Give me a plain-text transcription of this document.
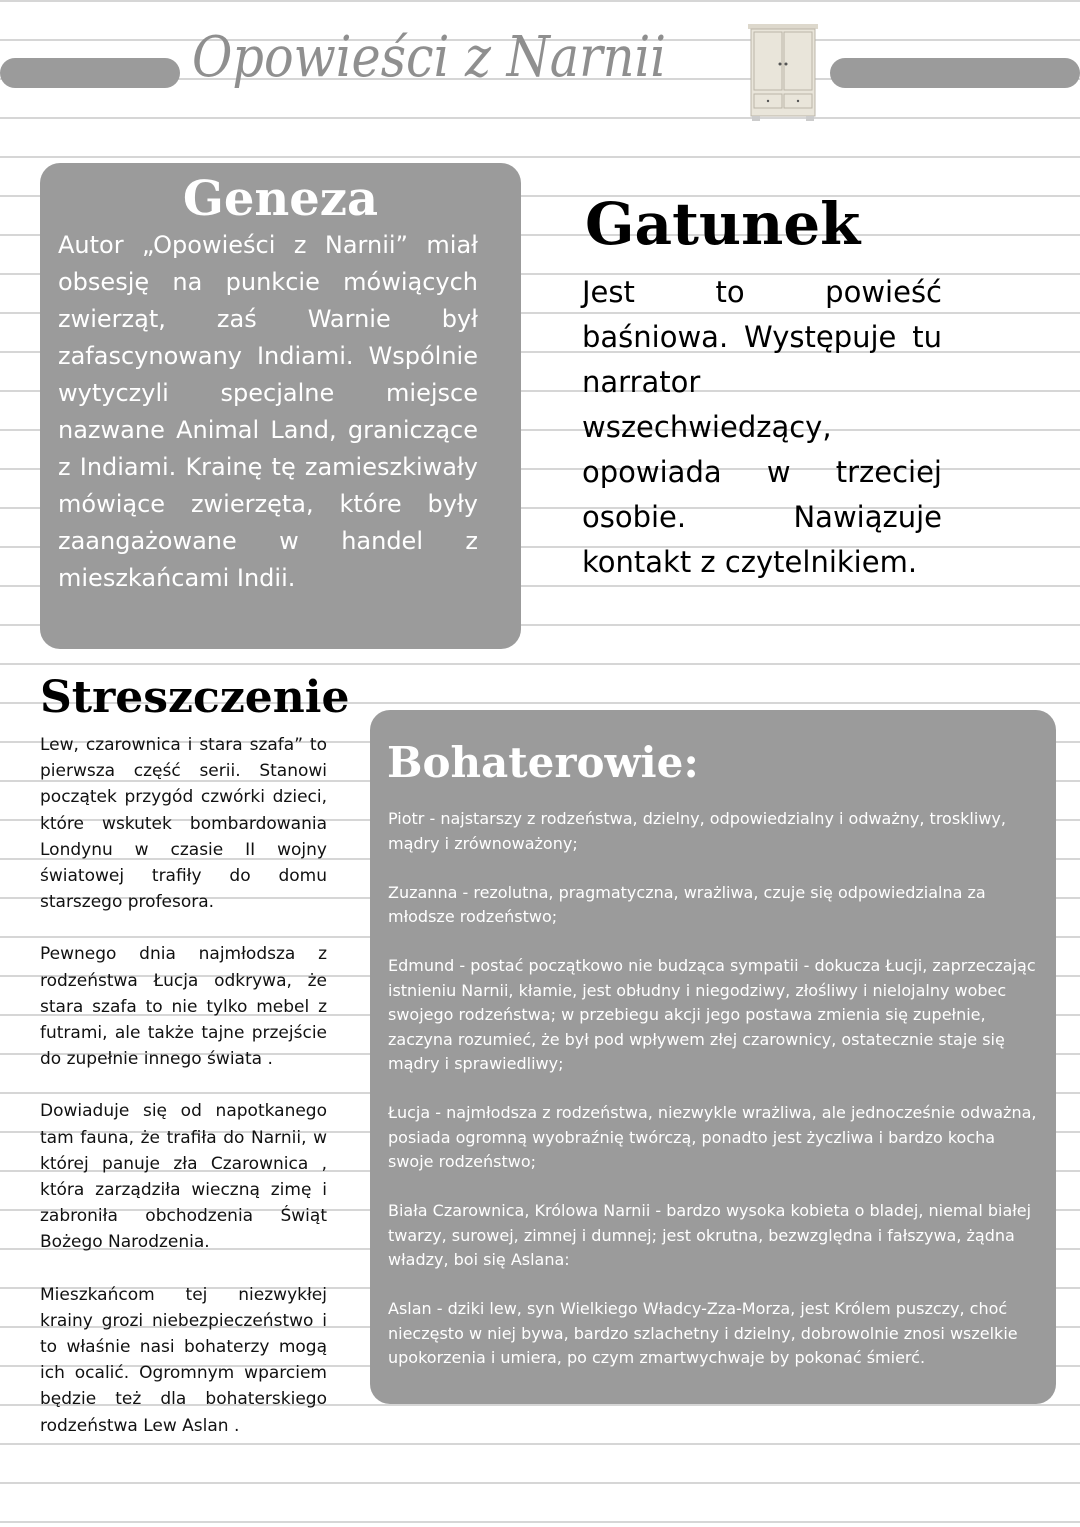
Opowieści z Narnii
Geneza

Autor „Opowieści z Narnii” miał obsesję na punkcie mówiących zwierząt, zaś Warnie był zafascynowany Indiami. Wspólnie wytyczyli specjalne miejsce nazwane Animal Land, graniczące z Indiami. Krainę tę zamieszkiwały mówiące zwierzęta, które były zaangażowane w handel z mieszkańcami Indii.

Gatunek

Jest to powieść baśniowa. Występuje tu narrator wszechwiedzący, opowiada w trzeciej osobie. Nawiązuje kontakt z czytelnikiem.

Streszczenie

Lew, czarownica i stara szafa” to pierwsza część serii. Stanowi początek przygód czwórki dzieci, które wskutek bombardowania Londynu w czasie II wojny światowej trafiły do domu starszego profesora.

Pewnego dnia najmłodsza z rodzeństwa Łucja odkrywa, że stara szafa to nie tylko mebel z futrami, ale także tajne przejście do zupełnie innego świata .

Dowiaduje się od napotkanego tam fauna, że trafiła do Narnii, w której panuje zła Czarownica , która zarządziła wieczną zimę i zabroniła obchodzenia Świąt Bożego Narodzenia.

Mieszkańcom tej niezwykłej krainy grozi niebezpieczeństwo i to właśnie nasi bohaterzy mogą ich ocalić. Ogromnym wparciem będzie też dla bohaterskiego rodzeństwa Lew Aslan .

Bohaterowie:

Piotr - najstarszy z rodzeństwa, dzielny, odpowiedzialny i odważny, troskliwy, mądry i zrównoważony;

Zuzanna - rezolutna, pragmatyczna, wrażliwa, czuje się odpowiedzialna za młodsze rodzeństwo;

Edmund - postać początkowo nie budząca sympatii - dokucza Łucji, zaprzeczając istnieniu Narnii, kłamie, jest obłudny i niegodziwy, złośliwy i nielojalny wobec swojego rodzeństwa; w przebiegu akcji jego postawa zmienia się zupełnie, zaczyna rozumieć, że był pod wpływem złej czarownicy, ostatecznie staje się mądry i sprawiedliwy;

Łucja - najmłodsza z rodzeństwa, niezwykle wrażliwa, ale jednocześnie odważna, posiada ogromną wyobraźnię twórczą, ponadto jest życzliwa i bardzo kocha swoje rodzeństwo;

Biała Czarownica, Królowa Narnii - bardzo wysoka kobieta o bladej, niemal białej twarzy, surowej, zimnej i dumnej; jest okrutna, bezwzględna i fałszywa, żądna władzy, boi się Aslana:

Aslan - dziki lew, syn Wielkiego Władcy-Zza-Morza, jest Królem puszczy, choć nieczęsto w niej bywa, bardzo szlachetny i dzielny, dobrowolnie znosi wszelkie upokorzenia i umiera, po czym zmartwychwaje by pokonać śmierć.
